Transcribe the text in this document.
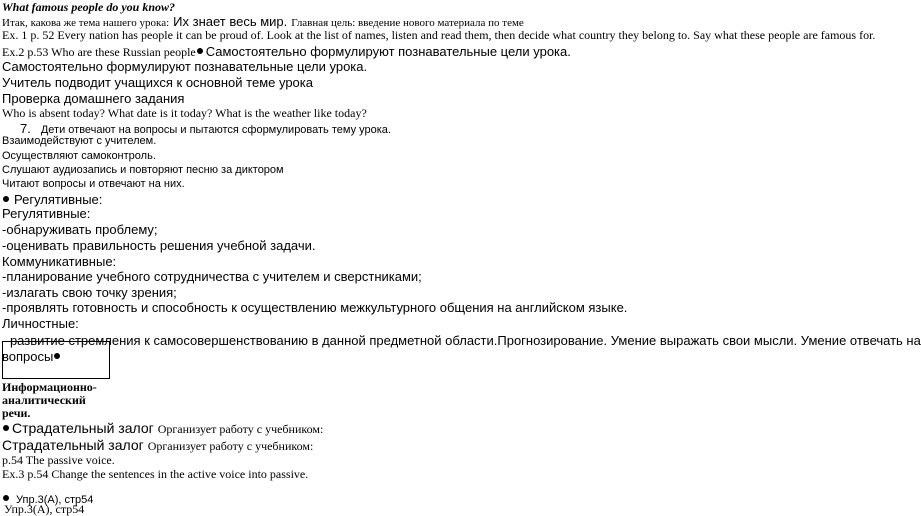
What famous people do you know?
Итак, какова же тема нашего урока: Их знает весь мир. Главная цель: введение нового материала по теме
Ex. 1 p. 52 Every nation has people it can be proud of. Look at the list of names, listen and read them, then decide what country they belong to. Say what these people are famous for.
Ex.2 p.53 Who are these Russian people Самостоятельно формулируют познавательные цели урока.
Самостоятельно формулируют познавательные цели урока.
Учитель подводит учащихся к основной теме урока
Проверка домашнего задания
Who is absent today? What date is it today? What is the weather like today?
7. Дети отвечают на вопросы и пытаются сформулировать тему урока.
Взаимодействуют с учителем.
Осуществляют самоконтроль.
Слушают аудиозапись и повторяют песню за диктором
Читают вопросы и отвечают на них.
Регулятивные:
Регулятивные:
-обнаруживать проблему;
-оценивать правильность решения учебной задачи.
Коммуникативные:
-планирование учебного сотрудничества с учителем и сверстниками;
-излагать свою точку зрения;
-проявлять готовность и способность к осуществлению межкультурного общения на английском языке.
Личностные:
- развитие стремления к самосовершенствованию в данной предметной области.Прогнозирование. Умение выражать свои мысли. Умение отвечать на
вопросы
Информационно-
аналитический
речи.
Страдательный залог Организует работу с учебником:
Страдательный залог Организует работу с учебником:
p.54 The passive voice.
Ex.3 p.54 Change the sentences in the active voice into passive.
Упр.3(А), стр54
Упр.3(А), стр54
